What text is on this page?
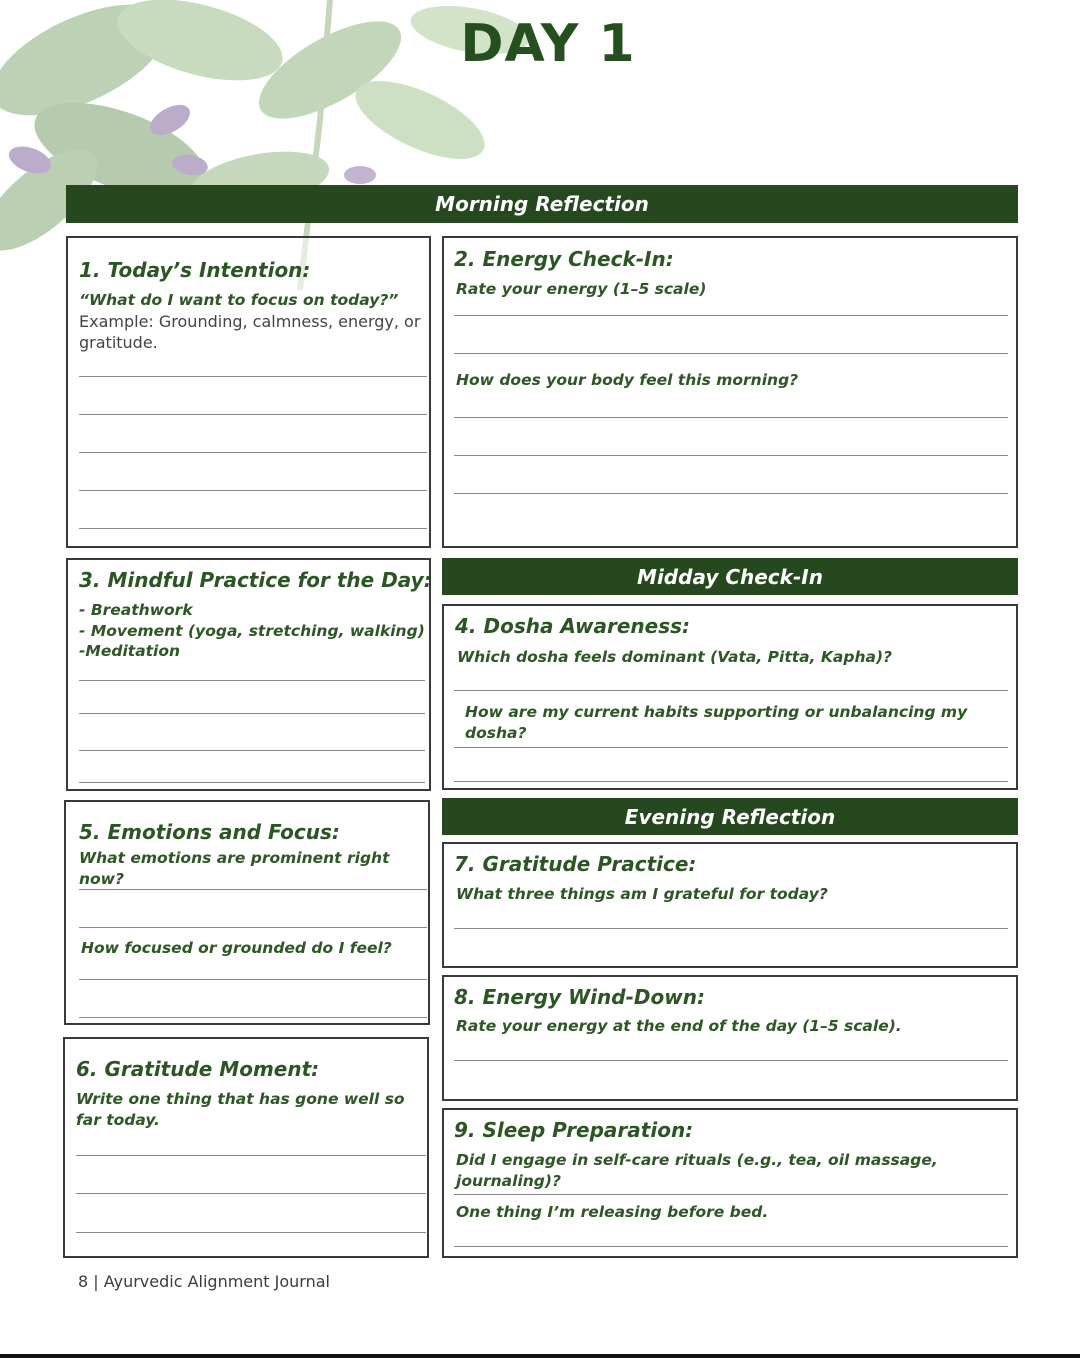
DAY 1
Morning Reflection
1. Today’s Intention:
“What do I want to focus on today?”
Example: Grounding, calmness, energy, or gratitude.
2. Energy Check-In:
Rate your energy (1–5 scale)
How does your body feel this morning?
3. Mindful Practice for the Day:
- Breathwork
- Movement (yoga, stretching, walking)
-Meditation
Midday Check-In
4. Dosha Awareness:
Which dosha feels dominant (Vata, Pitta, Kapha)?
How are my current habits supporting or unbalancing my dosha?
5. Emotions and Focus:
What emotions are prominent right now?
How focused or grounded do I feel?
Evening Reflection
6. Gratitude Moment:
Write one thing that has gone well so far today.
7. Gratitude Practice:
What three things am I grateful for today?
8. Energy Wind-Down:
Rate your energy at the end of the day (1–5 scale).
9. Sleep Preparation:
Did I engage in self-care rituals (e.g., tea, oil massage, journaling)?
One thing I’m releasing before bed.
8 | Ayurvedic Alignment Journal
